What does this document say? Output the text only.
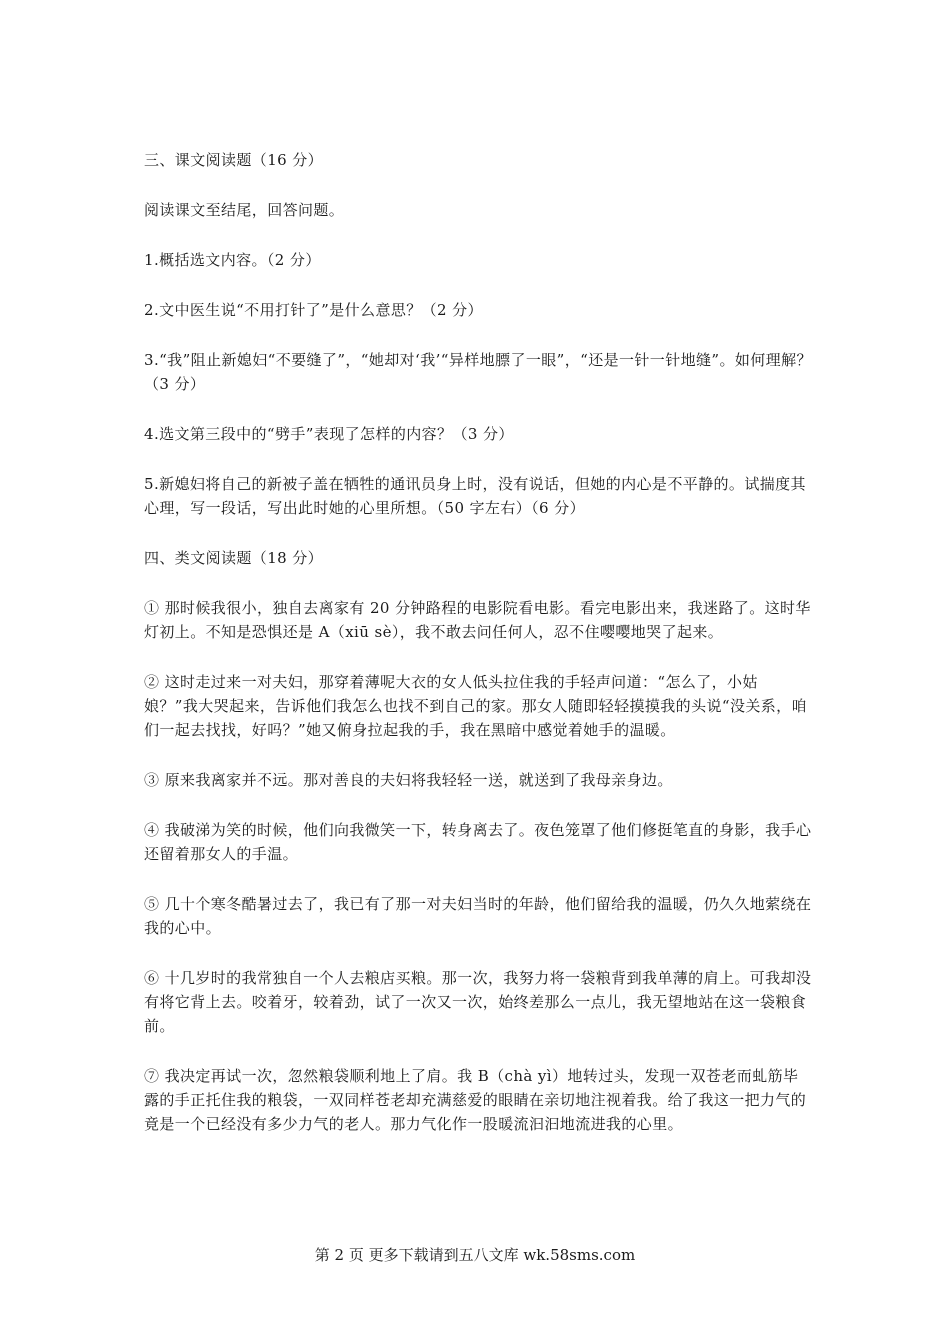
三、课文阅读题（16 分）

阅读课文至结尾，回答问题。

1.概括选文内容。（2 分）

2.文中医生说“不用打针了”是什么意思？（2 分）

3.“我”阻止新媳妇“不要缝了”，“她却对‘我’“异样地膘了一眼”，“还是一针一针地缝”。如何理解？（3 分）

4.选文第三段中的“劈手”表现了怎样的内容？（3 分）

5.新媳妇将自己的新被子盖在牺牲的通讯员身上时，没有说话，但她的内心是不平静的。试揣度其心理，写一段话，写出此时她的心里所想。（50 字左右）（6 分）

四、类文阅读题（18 分）

① 那时候我很小，独自去离家有 20 分钟路程的电影院看电影。看完电影出来，我迷路了。这时华灯初上。不知是恐惧还是 A（xiū sè），我不敢去问任何人，忍不住嘤嘤地哭了起来。

② 这时走过来一对夫妇，那穿着薄呢大衣的女人低头拉住我的手轻声问道：“怎么了，小姑娘？”我大哭起来，告诉他们我怎么也找不到自己的家。那女人随即轻轻摸摸我的头说“没关系，咱们一起去找找，好吗？”她又俯身拉起我的手，我在黑暗中感觉着她手的温暖。

③ 原来我离家并不远。那对善良的夫妇将我轻轻一送，就送到了我母亲身边。

④ 我破涕为笑的时候，他们向我微笑一下，转身离去了。夜色笼罩了他们修挺笔直的身影，我手心还留着那女人的手温。

⑤ 几十个寒冬酷暑过去了，我已有了那一对夫妇当时的年龄，他们留给我的温暖，仍久久地萦绕在我的心中。

⑥ 十几岁时的我常独自一个人去粮店买粮。那一次，我努力将一袋粮背到我单薄的肩上。可我却没有将它背上去。咬着牙，较着劲，试了一次又一次，始终差那么一点儿，我无望地站在这一袋粮食前。

⑦ 我决定再试一次，忽然粮袋顺利地上了肩。我 B（chà yì）地转过头，发现一双苍老而虬筋毕露的手正托住我的粮袋，一双同样苍老却充满慈爱的眼睛在亲切地注视着我。给了我这一把力气的竟是一个已经没有多少力气的老人。那力气化作一股暖流汩汩地流进我的心里。

第 2 页 更多下载请到五八文库 wk.58sms.com
